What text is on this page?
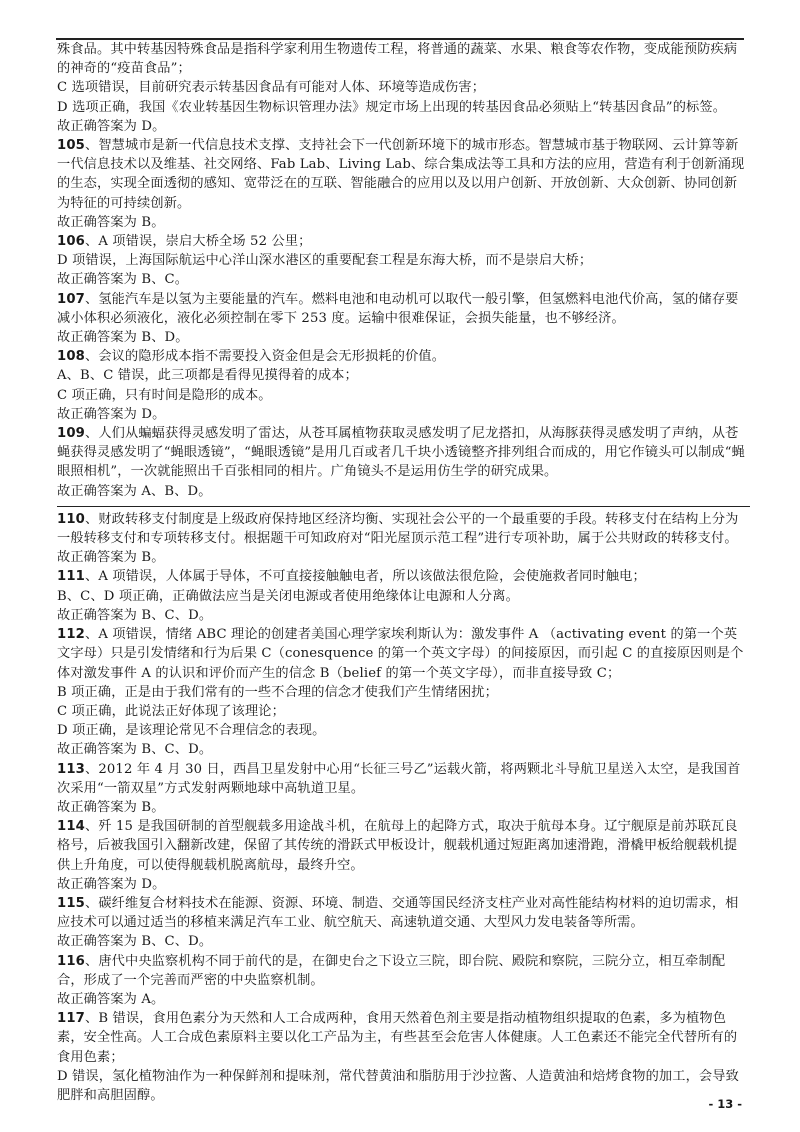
殊食品。其中转基因特殊食品是指科学家利用生物遗传工程，将普通的蔬菜、水果、粮食等农作物，变成能预防疾病的神奇的“疫苗食品”；

C 选项错误，目前研究表示转基因食品有可能对人体、环境等造成伤害；

D 选项正确，我国《农业转基因生物标识管理办法》规定市场上出现的转基因食品必须贴上“转基因食品”的标签。

故正确答案为 D。

105、智慧城市是新一代信息技术支撑、支持社会下一代创新环境下的城市形态。智慧城市基于物联网、云计算等新一代信息技术以及维基、社交网络、Fab Lab、Living Lab、综合集成法等工具和方法的应用，营造有利于创新涌现的生态，实现全面透彻的感知、宽带泛在的互联、智能融合的应用以及以用户创新、开放创新、大众创新、协同创新为特征的可持续创新。

故正确答案为 B。

106、A 项错误，崇启大桥全场 52 公里；

D 项错误，上海国际航运中心洋山深水港区的重要配套工程是东海大桥，而不是崇启大桥；

故正确答案为 B、C。

107、氢能汽车是以氢为主要能量的汽车。燃料电池和电动机可以取代一般引擎，但氢燃料电池代价高，氢的储存要减小体积必须液化，液化必须控制在零下 253 度。运输中很难保证，会损失能量，也不够经济。

故正确答案为 B、D。

108、会议的隐形成本指不需要投入资金但是会无形损耗的价值。

A、B、C 错误，此三项都是看得见摸得着的成本；

C 项正确，只有时间是隐形的成本。

故正确答案为 D。

109、人们从蝙蝠获得灵感发明了雷达，从苍耳属植物获取灵感发明了尼龙搭扣，从海豚获得灵感发明了声纳，从苍蝇获得灵感发明了“蝇眼透镜”，“蝇眼透镜”是用几百或者几千块小透镜整齐排列组合而成的，用它作镜头可以制成“蝇眼照相机”，一次就能照出千百张相同的相片。广角镜头不是运用仿生学的研究成果。

故正确答案为 A、B、D。

110、财政转移支付制度是上级政府保持地区经济均衡、实现社会公平的一个最重要的手段。转移支付在结构上分为一般转移支付和专项转移支付。根据题干可知政府对“阳光屋顶示范工程”进行专项补助，属于公共财政的转移支付。

故正确答案为 B。

111、A 项错误，人体属于导体，不可直接接触触电者，所以该做法很危险，会使施救者同时触电；

B、C、D 项正确，正确做法应当是关闭电源或者使用绝缘体让电源和人分离。

故正确答案为 B、C、D。

112、A 项错误，情绪 ABC 理论的创建者美国心理学家埃利斯认为：激发事件 A （activating event 的第一个英文字母）只是引发情绪和行为后果 C（conesquence 的第一个英文字母）的间接原因，而引起 C 的直接原因则是个体对激发事件 A 的认识和评价而产生的信念 B（belief 的第一个英文字母），而非直接导致 C；

B 项正确，正是由于我们常有的一些不合理的信念才使我们产生情绪困扰；

C 项正确，此说法正好体现了该理论；

D 项正确，是该理论常见不合理信念的表现。

故正确答案为 B、C、D。

113、2012 年 4 月 30 日，西昌卫星发射中心用“长征三号乙”运载火箭，将两颗北斗导航卫星送入太空，是我国首次采用“一箭双星”方式发射两颗地球中高轨道卫星。

故正确答案为 B。

114、歼 15 是我国研制的首型舰载多用途战斗机，在航母上的起降方式，取决于航母本身。辽宁舰原是前苏联瓦良格号，后被我国引入翻新改建，保留了其传统的滑跃式甲板设计，舰载机通过短距离加速滑跑，滑橇甲板给舰载机提供上升角度，可以使得舰载机脱离航母，最终升空。

故正确答案为 D。

115、碳纤维复合材料技术在能源、资源、环境、制造、交通等国民经济支柱产业对高性能结构材料的迫切需求，相应技术可以通过适当的移植来满足汽车工业、航空航天、高速轨道交通、大型风力发电装备等所需。

故正确答案为 B、C、D。

116、唐代中央监察机构不同于前代的是，在御史台之下设立三院，即台院、殿院和察院，三院分立，相互牵制配合，形成了一个完善而严密的中央监察机制。

故正确答案为 A。

117、B 错误，食用色素分为天然和人工合成两种，食用天然着色剂主要是指动植物组织提取的色素，多为植物色素，安全性高。人工合成色素原料主要以化工产品为主，有些甚至会危害人体健康。人工色素还不能完全代替所有的食用色素；

D 错误，氢化植物油作为一种保鲜剂和提味剂，常代替黄油和脂肪用于沙拉酱、人造黄油和焙烤食物的加工，会导致肥胖和高胆固醇。

- 13 -
